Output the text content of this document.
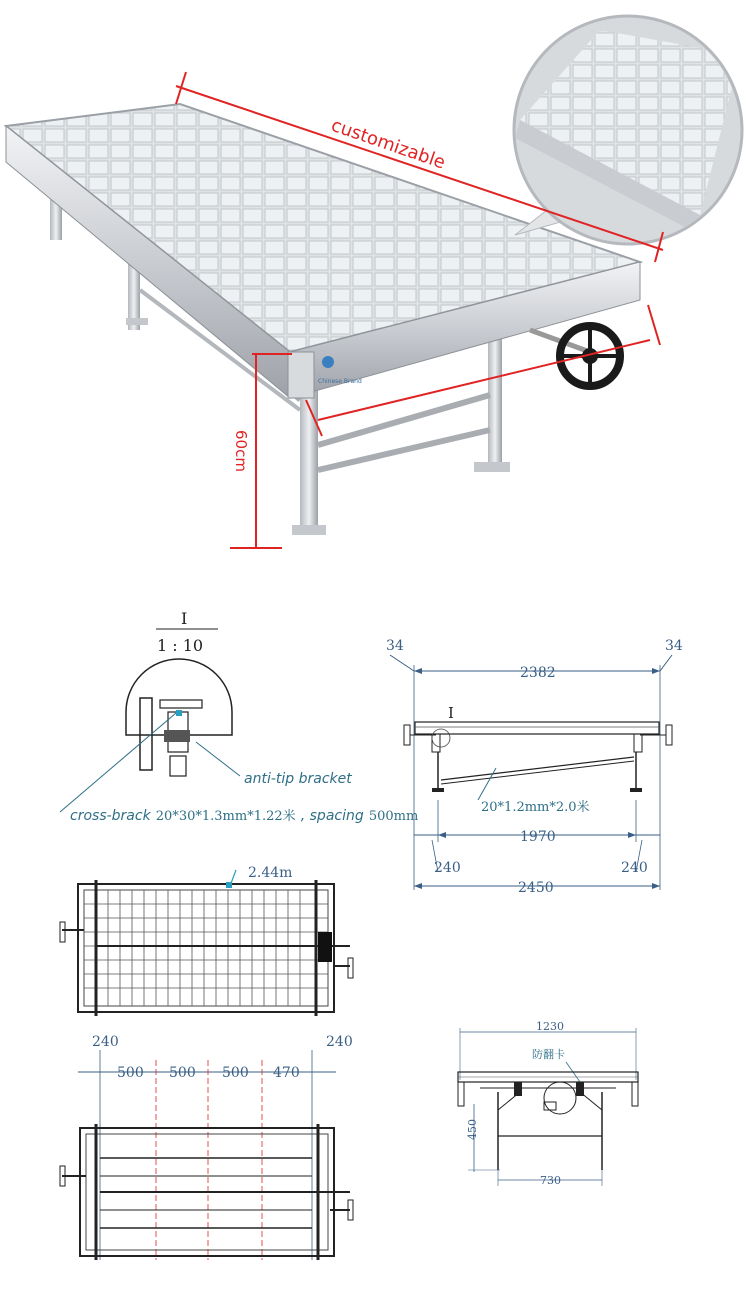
Chinese Brand
customizable
60cm
I
1 : 10
anti-tip bracket
cross-brack 20*30*1.3mm*1.22米 , spacing 500mm
34	34
2382
I
20*1.2mm*2.0米
1970
240	240
2450
2.44m
240	240
500 500 500 470
1230
防翻卡
450
730
